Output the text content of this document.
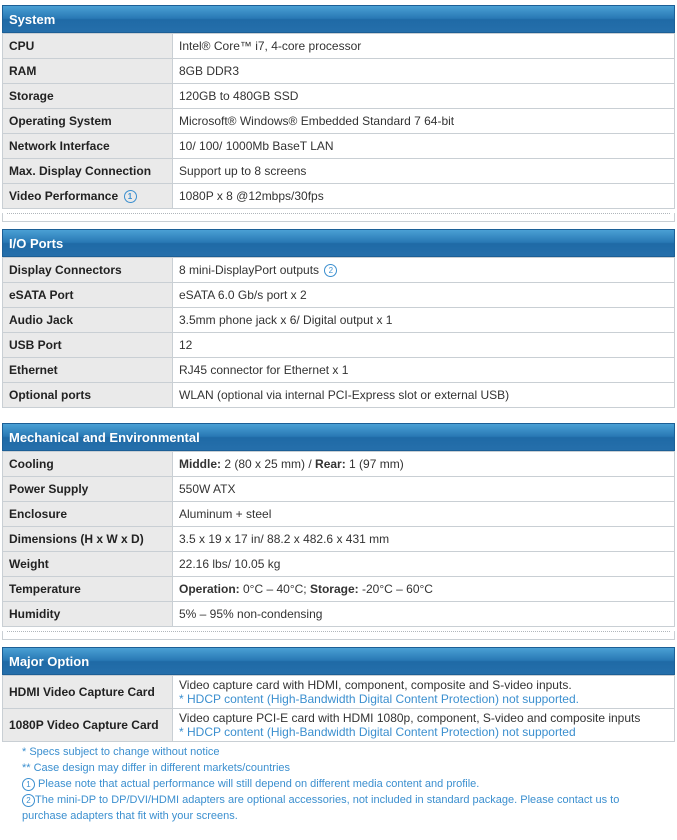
System
CPU	Intel® Core™ i7, 4-core processor
RAM	8GB DDR3
Storage	120GB to 480GB SSD
Operating System	Microsoft® Windows® Embedded Standard 7 64-bit
Network Interface	10/ 100/ 1000Mb BaseT LAN
Max. Display Connection	Support up to 8 screens
Video Performance 1	1080P x 8 @12mbps/30fps
I/O Ports
Display Connectors	8 mini-DisplayPort outputs 2
eSATA Port	eSATA 6.0 Gb/s port x 2
Audio Jack	3.5mm phone jack x 6/ Digital output x 1
USB Port	12
Ethernet	RJ45 connector for Ethernet x 1
Optional ports	WLAN (optional via internal PCI-Express slot or external USB)
Mechanical and Environmental
Cooling	Middle: 2 (80 x 25 mm) / Rear: 1 (97 mm)
Power Supply	550W ATX
Enclosure	Aluminum + steel
Dimensions (H x W x D)	3.5 x 19 x 17 in/ 88.2 x 482.6 x 431 mm
Weight	22.16 lbs/ 10.05 kg
Temperature	Operation: 0°C – 40°C; Storage: -20°C – 60°C
Humidity	5% – 95% non-condensing
Major Option
HDMI Video Capture Card	Video capture card with HDMI, component, composite and S-video inputs.
* HDCP content (High-Bandwidth Digital Content Protection) not supported.

1080P Video Capture Card	Video capture PCI-E card with HDMI 1080p, component, S-video and composite inputs
* HDCP content (High-Bandwidth Digital Content Protection) not supported
* Specs subject to change without notice
** Case design may differ in different markets/countries
1 Please note that actual performance will still depend on different media content and profile.
2 The mini-DP to DP/DVI/HDMI adapters are optional accessories, not included in standard package. Please contact us to
purchase adapters that fit with your screens.
